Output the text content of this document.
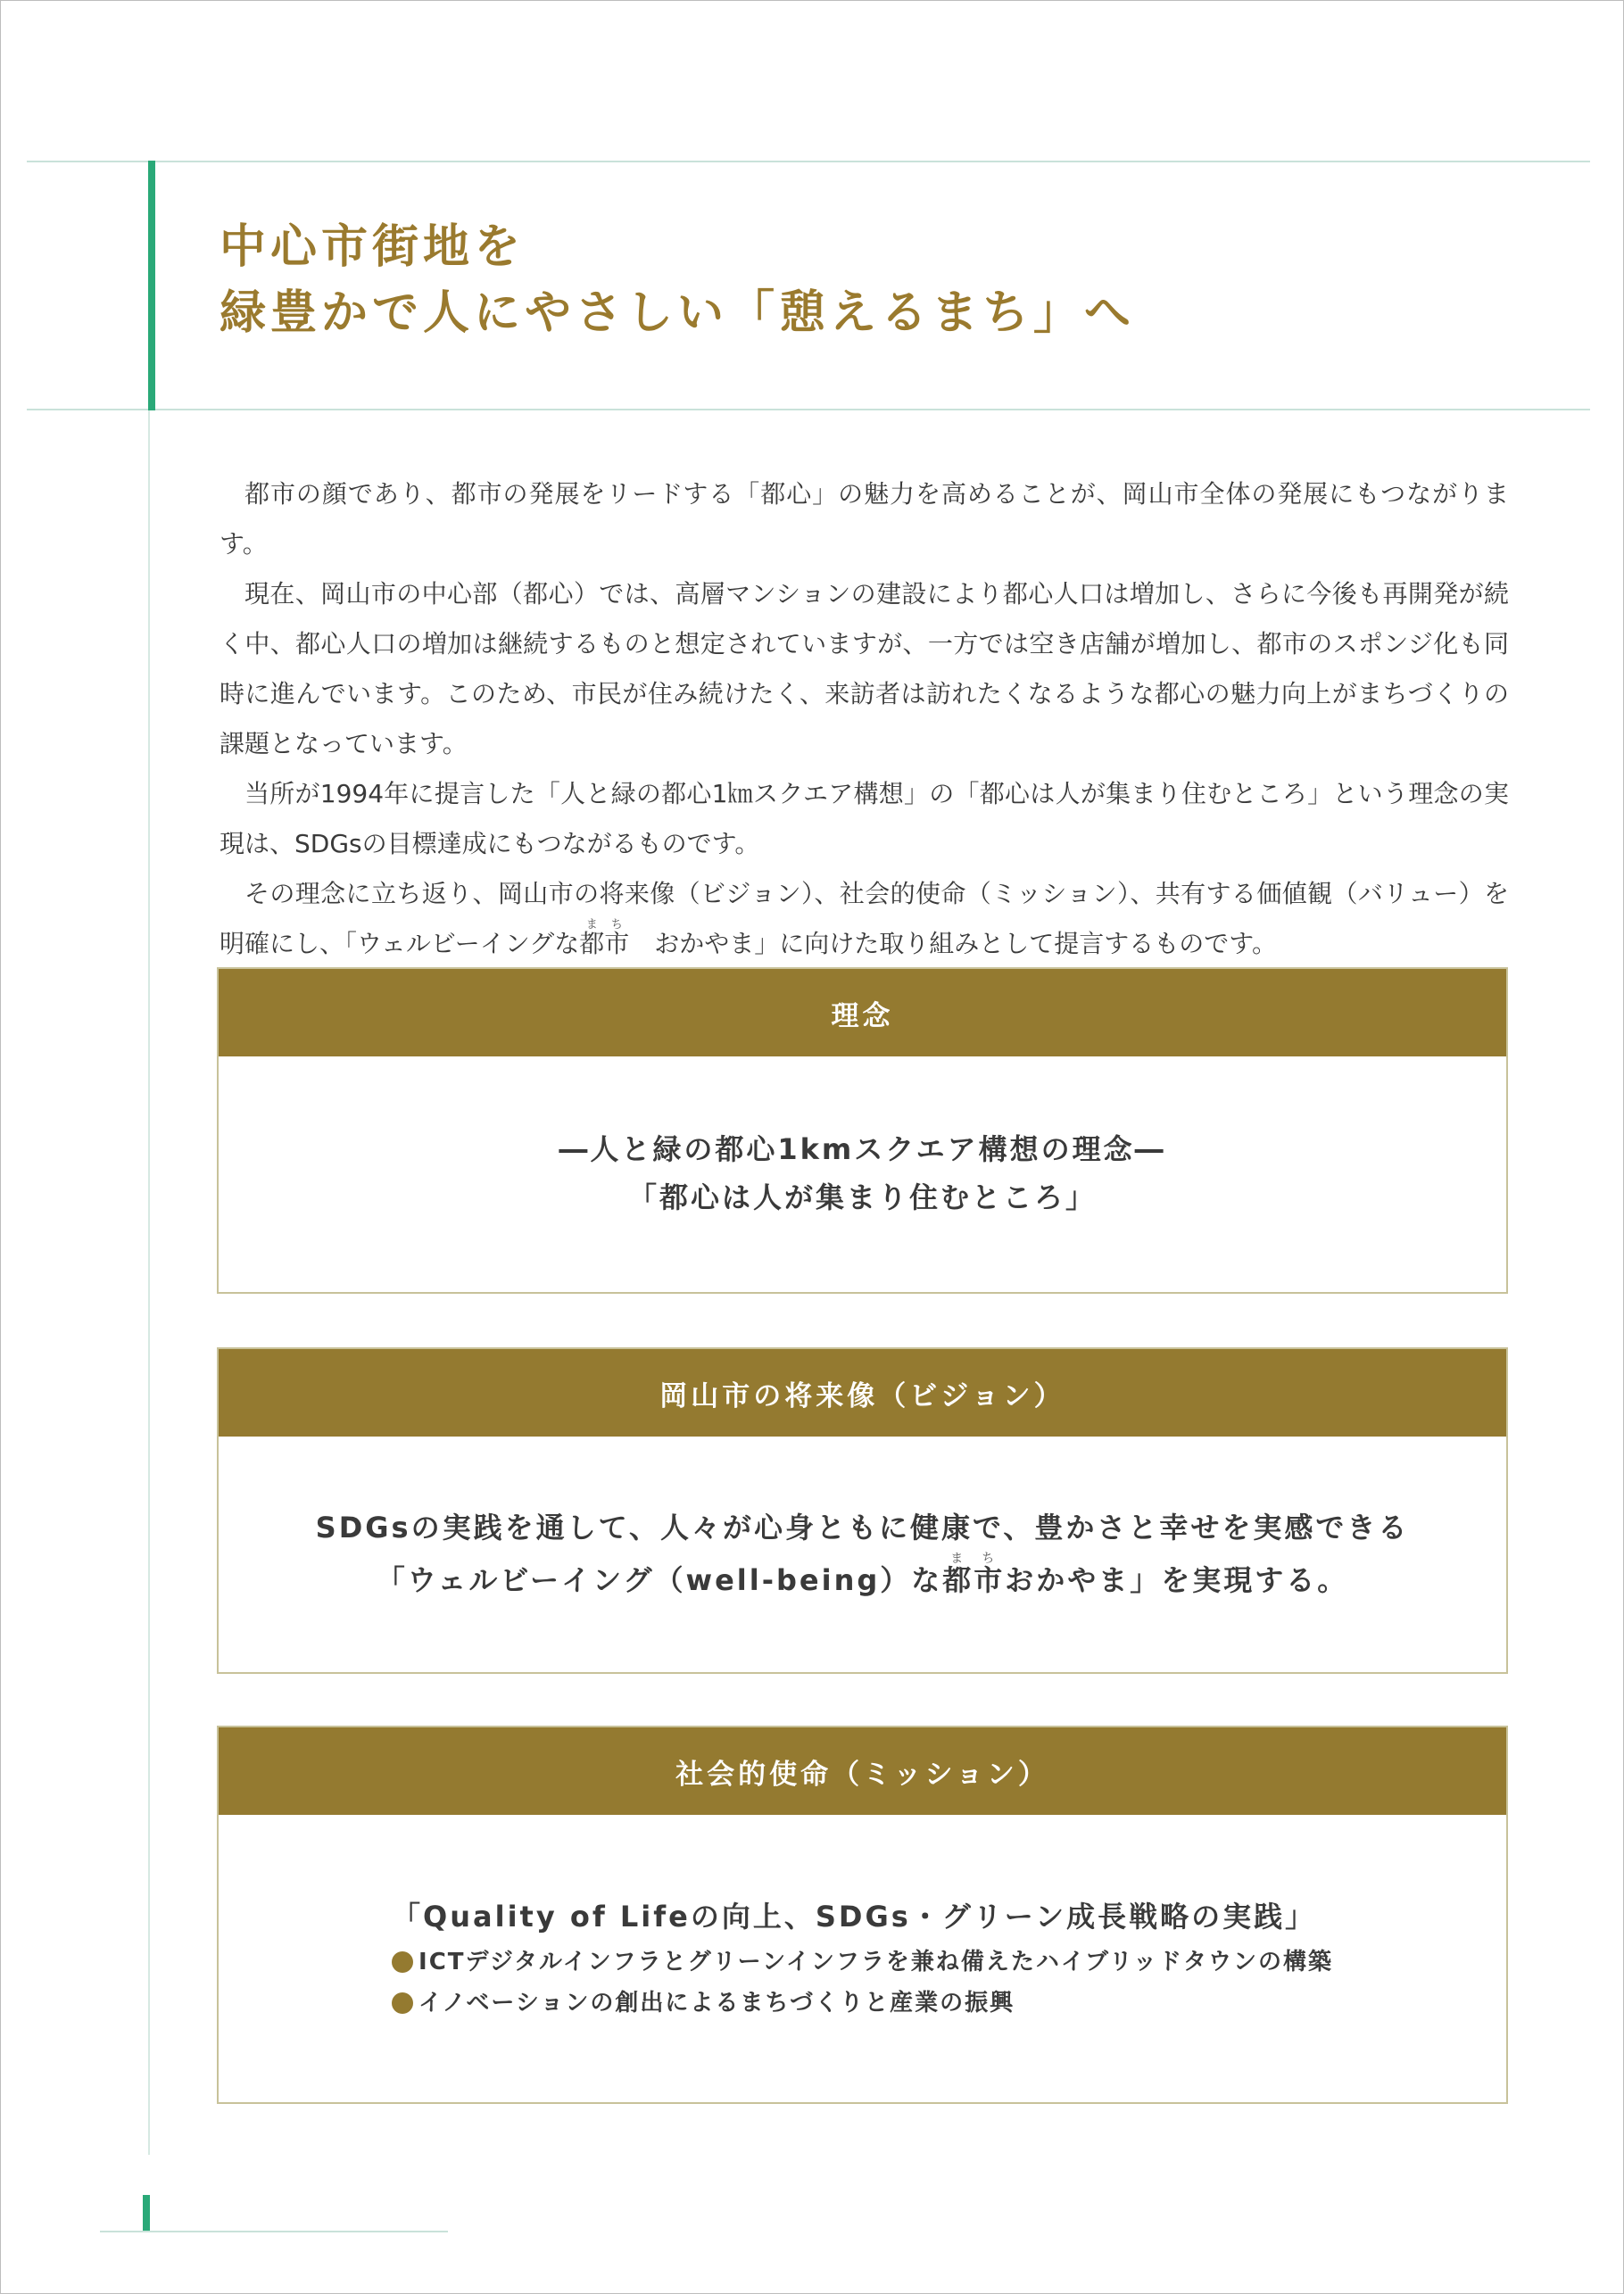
中心市街地を
緑豊かで人にやさしい「憩えるまち」へ

都市の顔であり、都市の発展をリードする「都心」の魅力を高めることが、岡山市全体の発展にもつながります。

現在、岡山市の中心部（都心）では、高層マンションの建設により都心人口は増加し、さらに今後も再開発が続く中、都心人口の増加は継続するものと想定されていますが、一方では空き店舗が増加し、都市のスポンジ化も同時に進んでいます。このため、市民が住み続けたく、来訪者は訪れたくなるような都心の魅力向上がまちづくりの課題となっています。

当所が1994年に提言した「人と緑の都心1㎞スクエア構想」の「都心は人が集まり住むところ」という理念の実現は、SDGsの目標達成にもつながるものです。

その理念に立ち返り、岡山市の将来像（ビジョン）、社会的使命（ミッション）、共有する価値観（バリュー）を明確にし、「ウェルビーイングな都市まち　おかやま」に向けた取り組みとして提言するものです。

理念
―人と緑の都心1kmスクエア構想の理念―
「都心は人が集まり住むところ」
岡山市の将来像（ビジョン）
SDGsの実践を通して、人々が心身ともに健康で、豊かさと幸せを実感できる
「ウェルビーイング（well-being）な都市まちおかやま」を実現する。
社会的使命（ミッション）
「Quality of Lifeの向上、SDGs・グリーン成長戦略の実践」
ICTデジタルインフラとグリーンインフラを兼ね備えたハイブリッドタウンの構築
イノベーションの創出によるまちづくりと産業の振興
